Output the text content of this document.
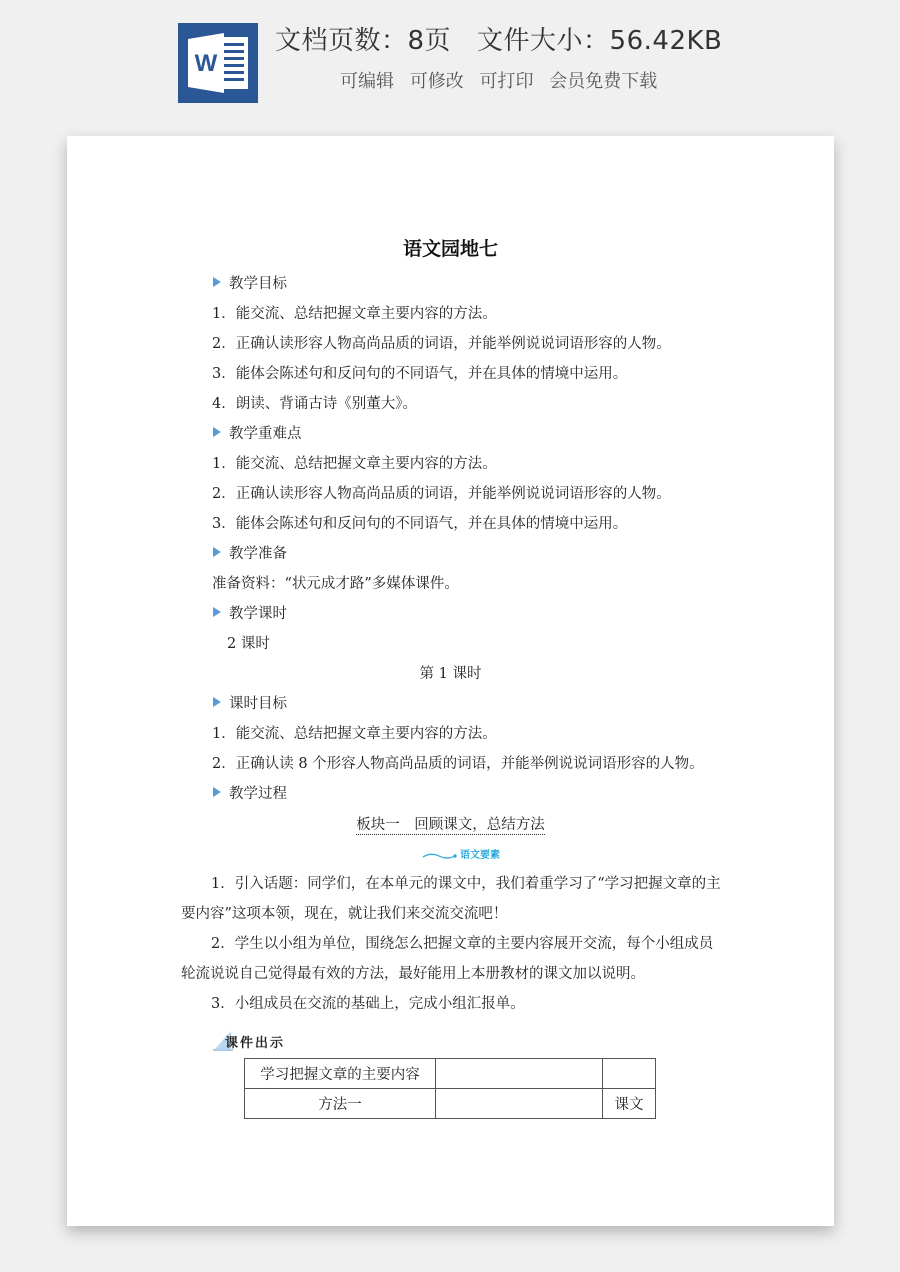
W
文档页数：8页 文件大小：56.42KB
可编辑 可修改 可打印 会员免费下载
语文园地七
教学目标
1．能交流、总结把握文章主要内容的方法。
2．正确认读形容人物高尚品质的词语，并能举例说说词语形容的人物。
3．能体会陈述句和反问句的不同语气，并在具体的情境中运用。
4．朗读、背诵古诗《别董大》。
教学重难点
1．能交流、总结把握文章主要内容的方法。
2．正确认读形容人物高尚品质的词语，并能举例说说词语形容的人物。
3．能体会陈述句和反问句的不同语气，并在具体的情境中运用。
教学准备
准备资料：“状元成才路”多媒体课件。
教学课时
2 课时
第 1 课时
课时目标
1．能交流、总结把握文章主要内容的方法。
2．正确认读 8 个形容人物高尚品质的词语，并能举例说说词语形容的人物。
教学过程
板块一　回顾课文，总结方法
语文要素
1．引入话题：同学们，在本单元的课文中，我们着重学习了“学习把握文章的主要内容”这项本领，现在，就让我们来交流交流吧！
2．学生以小组为单位，围绕怎么把握文章的主要内容展开交流，每个小组成员轮流说说自己觉得最有效的方法，最好能用上本册教材的课文加以说明。
3．小组成员在交流的基础上，完成小组汇报单。
课件出示
学习把握文章的主要内容		
方法一		课文
